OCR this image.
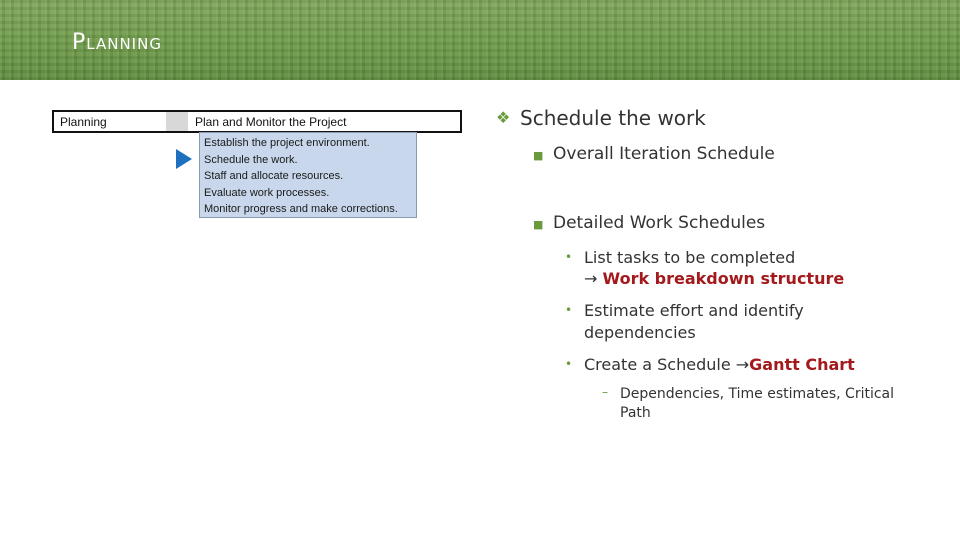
Planning
Planning	Plan and Monitor the Project
Establish the project environment.
Schedule the work.
Staff and allocate resources.
Evaluate work processes.
Monitor progress and make corrections.
❖ Schedule the work
■ Overall Iteration Schedule
■ Detailed Work Schedules
• List tasks to be completed
→ Work breakdown structure
• Estimate effort and identify
dependencies
• Create a Schedule →Gantt Chart
– Dependencies, Time estimates, Critical
Path
